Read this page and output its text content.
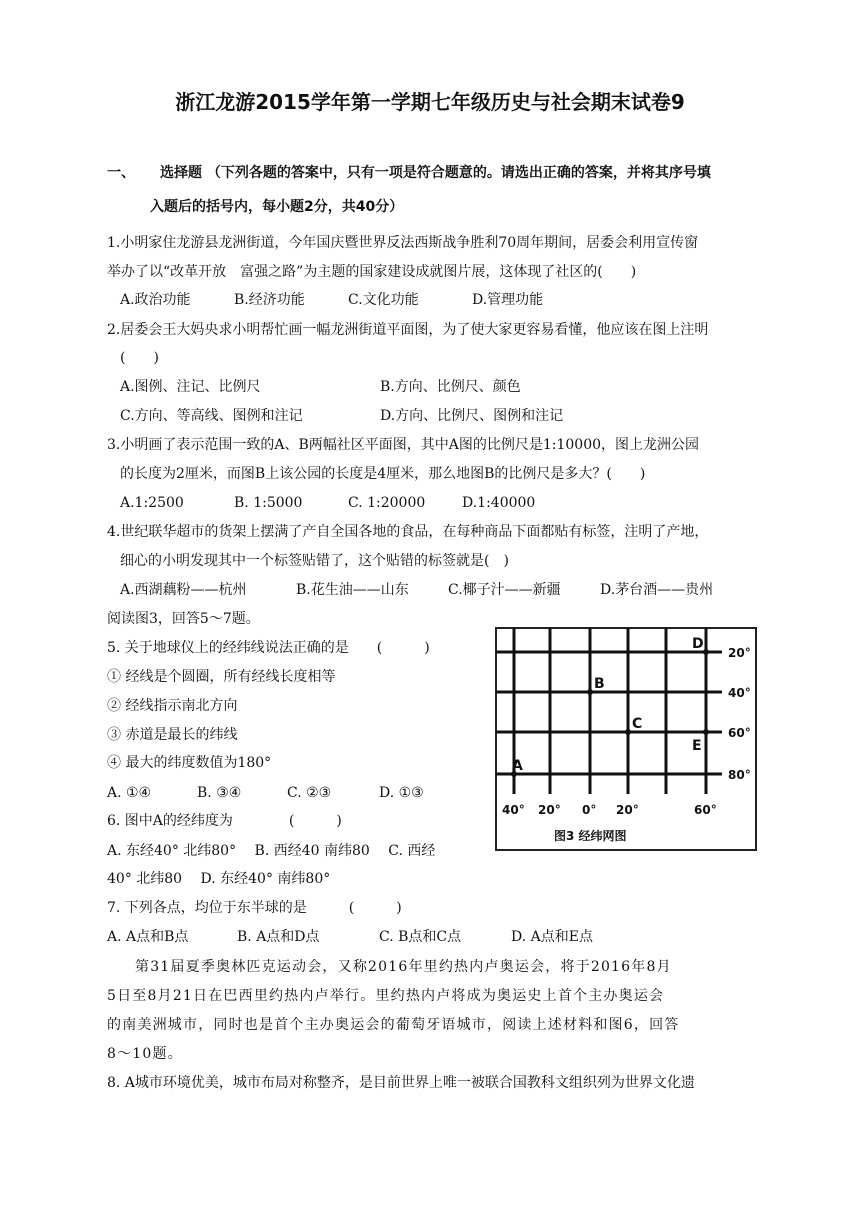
浙江龙游2015学年第一学期七年级历史与社会期末试卷9
一、 选择题 （下列各题的答案中，只有一项是符合题意的。请选出正确的答案，并将其序号填
入题后的括号内，每小题2分，共40分）
1.小明家住龙游县龙洲街道，今年国庆暨世界反法西斯战争胜利70周年期间，居委会利用宣传窗
举办了以“改革开放　富强之路”为主题的国家建设成就图片展，这体现了社区的(　　)
A.政治功能	B.经济功能	C.文化功能	D.管理功能
2.居委会王大妈央求小明帮忙画一幅龙洲街道平面图，为了使大家更容易看懂，他应该在图上注明
(　　)
A.图例、注记、比例尺	B.方向、比例尺、颜色
C.方向、等高线、图例和注记	D.方向、比例尺、图例和注记
3.小明画了表示范围一致的A、B两幅社区平面图，其中A图的比例尺是1:10000，图上龙洲公园
的长度为2厘米，而图B上该公园的长度是4厘米，那么地图B的比例尺是多大？(　　)
A.1:2500	B. 1:5000	C. 1:20000	D.1:40000
4.世纪联华超市的货架上摆满了产自全国各地的食品，在每种商品下面都贴有标签，注明了产地，
细心的小明发现其中一个标签贴错了，这个贴错的标签就是(　)
A.西湖藕粉——杭州	B.花生油——山东	C.椰子汁——新疆	D.茅台酒——贵州
阅读图3，回答5～7题。
5. 关于地球仪上的经纬线说法正确的是　　(　　　)
① 经线是个圆圈，所有经线长度相等
② 经线指示南北方向
③ 赤道是最长的纬线
④ 最大的纬度数值为180°
A. ①④	B. ③④	C. ②③	D. ①③
6. 图中A的经纬度为　　　　(　　　)
A. 东经40° 北纬80°　 B. 西经40 南纬80　 C. 西经
40° 北纬80　 D. 东经40° 南纬80°
7. 下列各点，均位于东半球的是　　　(　　　)
A. A点和B点	B. A点和D点	C. B点和C点	D. A点和E点
第31届夏季奥林匹克运动会，又称2016年里约热内卢奥运会，将于2016年8月
5日至8月21日在巴西里约热内卢举行。里约热内卢将成为奥运史上首个主办奥运会
的南美洲城市，同时也是首个主办奥运会的葡萄牙语城市，阅读上述材料和图6，回答
8～10题。
8. A城市环境优美，城市布局对称整齐，是目前世界上唯一被联合国教科文组织列为世界文化遗
D
B
C
E
A
20°
40°
60°
80°
40° 20° 0° 20°	60°
图3 经纬网图
